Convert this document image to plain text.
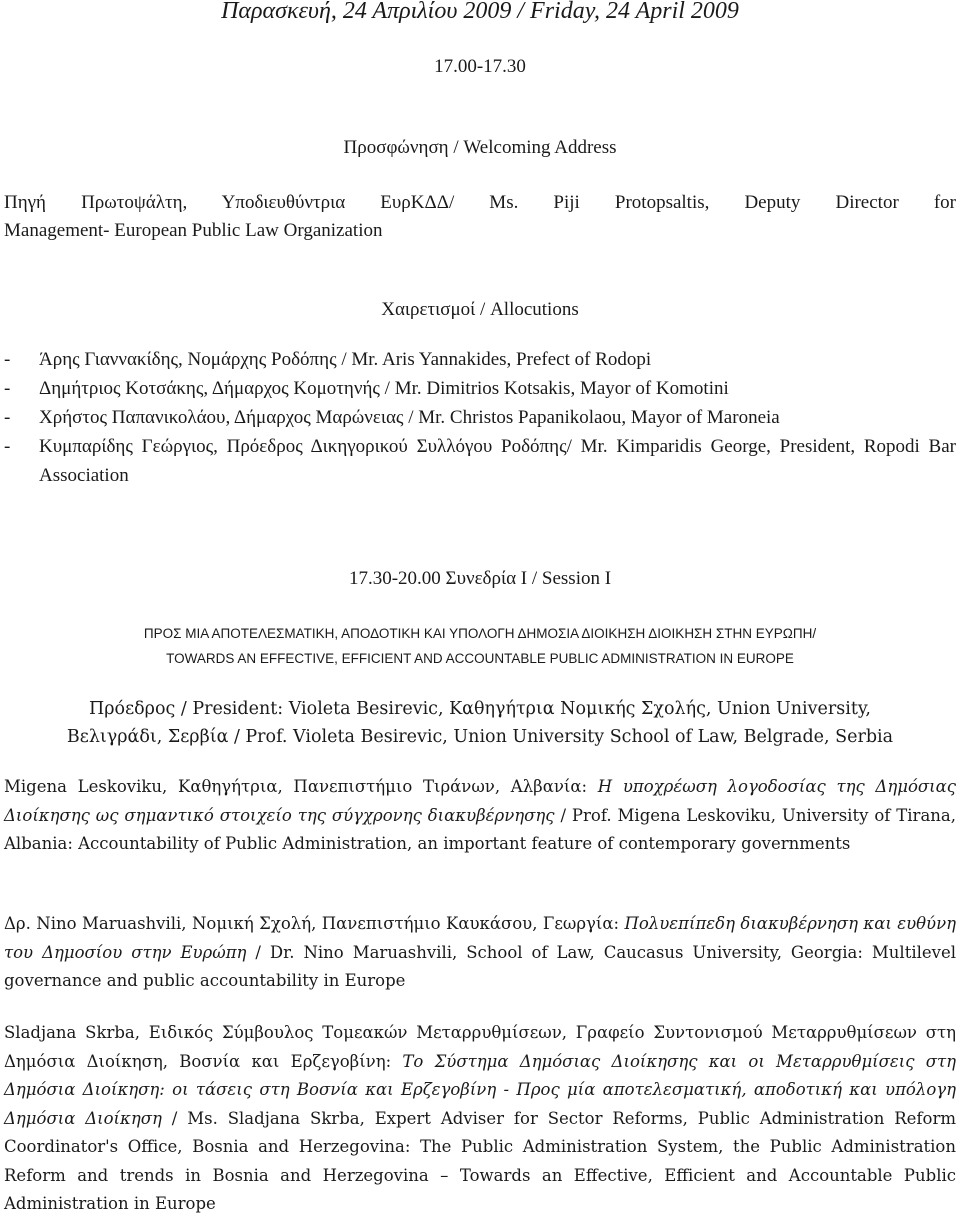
Παρασκευή, 24 Απριλίου 2009 / Friday, 24 April 2009
17.00-17.30
Προσφώνηση / Welcoming Address
Πηγή Πρωτοψάλτη, Υποδιευθύντρια ΕυρΚΔΔ/ Ms. Piji Protopsaltis, Deputy Director for
Management- European Public Law Organization
Χαιρετισμοί / Allocutions
-	Άρης Γιαννακίδης, Νομάρχης Ροδόπης / Mr. Aris Yannakides, Prefect of Rodopi
-	Δημήτριος Κοτσάκης, Δήμαρχος Κομοτηνής / Mr. Dimitrios Kotsakis, Mayor of Komotini
-	Χρήστος Παπανικολάου, Δήμαρχος Μαρώνειας / Mr. Christos Papanikolaou, Mayor of Maroneia
-	Κυμπαρίδης Γεώργιος, Πρόεδρος Δικηγορικού Συλλόγου Ροδόπης/ Mr. Kimparidis George, President, Ropodi Bar Association
17.30-20.00 Συνεδρία I / Session I
ΠΡΟΣ ΜΙΑ ΑΠΟΤΕΛΕΣΜΑΤΙΚΗ, ΑΠΟΔΟΤΙΚΗ ΚΑΙ ΥΠΟΛΟΓΗ ΔΗΜΟΣΙΑ ΔΙΟΙΚΗΣΗ ΔΙΟΙΚΗΣΗ ΣΤΗΝ ΕΥΡΩΠΗ/
TOWARDS AN EFFECTIVE, EFFICIENT AND ACCOUNTABLE PUBLIC ADMINISTRATION IN EUROPE
Πρόεδρος / President: Violeta Besirevic, Καθηγήτρια Νομικής Σχολής, Union University,
Βελιγράδι, Σερβία / Prof. Violeta Besirevic, Union University School of Law, Belgrade, Serbia
Migena Leskoviku, Καθηγήτρια, Πανεπιστήμιο Τιράνων, Αλβανία: Η υποχρέωση λογοδοσίας της Δημόσιας Διοίκησης ως σημαντικό στοιχείο της σύγχρονης διακυβέρνησης / Prof. Migena Leskoviku, University of Tirana, Albania: Accountability of Public Administration, an important feature of contemporary governments
Δρ. Nino Maruashvili, Νομική Σχολή, Πανεπιστήμιο Καυκάσου, Γεωργία: Πολυεπίπεδη διακυβέρνηση και ευθύνη του Δημοσίου στην Ευρώπη / Dr. Nino Maruashvili, School of Law, Caucasus University, Georgia: Multilevel governance and public accountability in Europe
Sladjana Skrba, Ειδικός Σύμβουλος Τομεακών Μεταρρυθμίσεων, Γραφείο Συντονισμού Μεταρρυθμίσεων στη Δημόσια Διοίκηση, Βοσνία και Ερζεγοβίνη: Το Σύστημα Δημόσιας Διοίκησης και οι Μεταρρυθμίσεις στη Δημόσια Διοίκηση: οι τάσεις στη Βοσνία και Ερζεγοβίνη - Προς μία αποτελεσματική, αποδοτική και υπόλογη Δημόσια Διοίκηση / Ms. Sladjana Skrba, Expert Adviser for Sector Reforms, Public Administration Reform Coordinator's Office, Bosnia and Herzegovina: The Public Administration System, the Public Administration Reform and trends in Bosnia and Herzegovina – Towards an Effective, Efficient and Accountable Public Administration in Europe
